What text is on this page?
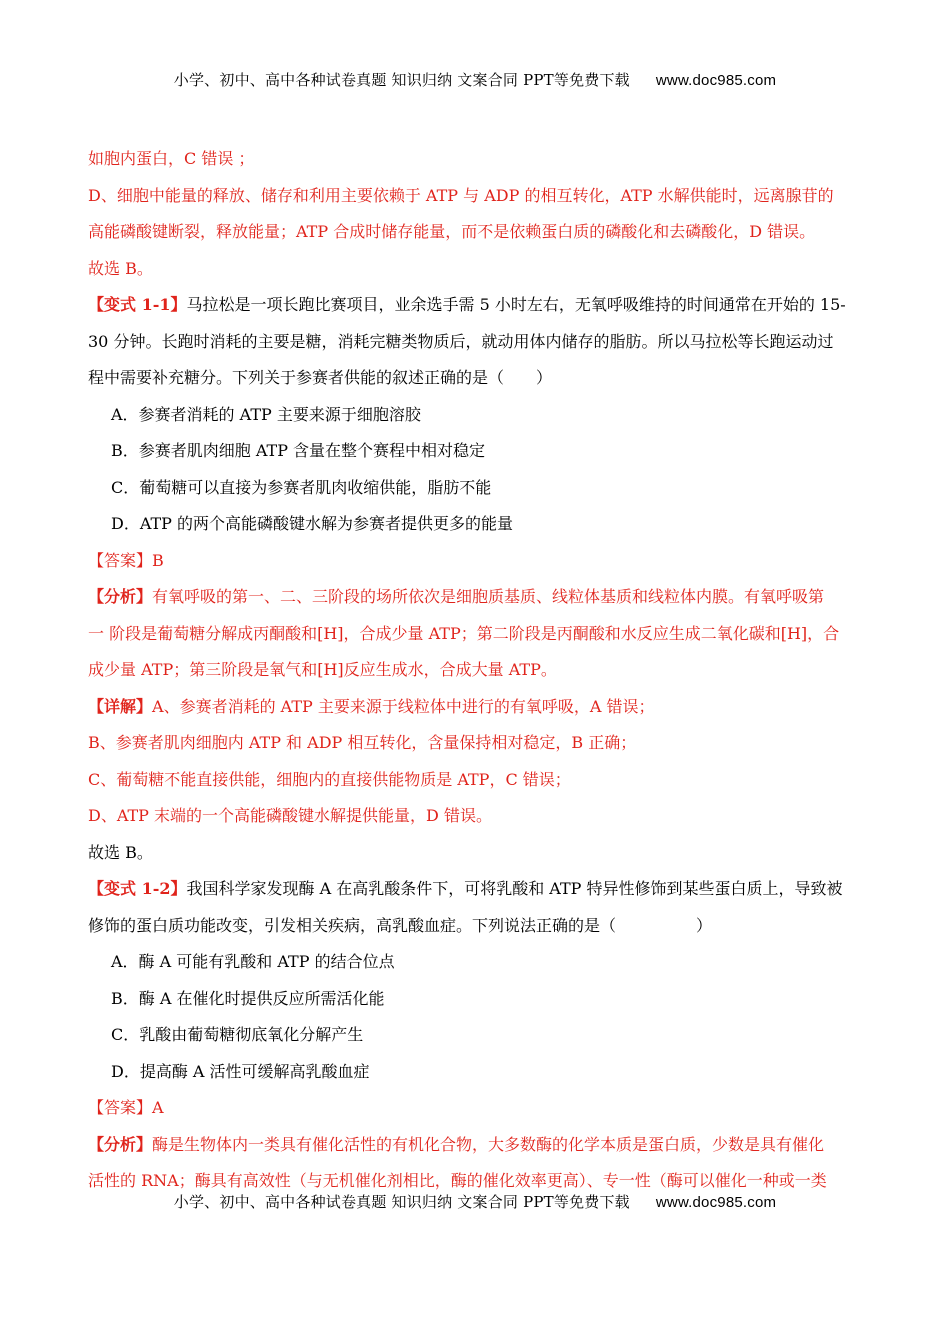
小学、初中、高中各种试卷真题 知识归纳 文案合同 PPT等免费下载 www.doc985.com
如胞内蛋白，C 错误 ；
D、细胞中能量的释放、储存和利用主要依赖于 ATP 与 ADP 的相互转化，ATP 水解供能时，远离腺苷的
高能磷酸键断裂，释放能量；ATP 合成时储存能量，而不是依赖蛋白质的磷酸化和去磷酸化，D 错误。
故选 B。
【变式 1-1】马拉松是一项长跑比赛项目，业余选手需 5 小时左右，无氧呼吸维持的时间通常在开始的 15-
30 分钟。长跑时消耗的主要是糖，消耗完糖类物质后，就动用体内储存的脂肪。所以马拉松等长跑运动过
程中需要补充糖分。下列关于参赛者供能的叙述正确的是（　　）
A．参赛者消耗的 ATP 主要来源于细胞溶胶
B．参赛者肌肉细胞 ATP 含量在整个赛程中相对稳定
C．葡萄糖可以直接为参赛者肌肉收缩供能，脂肪不能
D．ATP 的两个高能磷酸键水解为参赛者提供更多的能量
【答案】B
【分析】有氧呼吸的第一、二、三阶段的场所依次是细胞质基质、线粒体基质和线粒体内膜。有氧呼吸第
一 阶段是葡萄糖分解成丙酮酸和[H]，合成少量 ATP；第二阶段是丙酮酸和水反应生成二氧化碳和[H]，合
成少量 ATP；第三阶段是氧气和[H]反应生成水，合成大量 ATP。
【详解】A、参赛者消耗的 ATP 主要来源于线粒体中进行的有氧呼吸，A 错误；
B、参赛者肌肉细胞内 ATP 和 ADP 相互转化，含量保持相对稳定，B 正确；
C、葡萄糖不能直接供能，细胞内的直接供能物质是 ATP，C 错误；
D、ATP 末端的一个高能磷酸键水解提供能量，D 错误。
故选 B。
【变式 1-2】我国科学家发现酶 A 在高乳酸条件下，可将乳酸和 ATP 特异性修饰到某些蛋白质上，导致被
修饰的蛋白质功能改变，引发相关疾病，高乳酸血症。下列说法正确的是（　　　　　）
A．酶 A 可能有乳酸和 ATP 的结合位点
B．酶 A 在催化时提供反应所需活化能
C．乳酸由葡萄糖彻底氧化分解产生
D．提高酶 A 活性可缓解高乳酸血症
【答案】A
【分析】酶是生物体内一类具有催化活性的有机化合物，大多数酶的化学本质是蛋白质，少数是具有催化
活性的 RNA；酶具有高效性（与无机催化剂相比，酶的催化效率更高）、专一性（酶可以催化一种或一类
小学、初中、高中各种试卷真题 知识归纳 文案合同 PPT等免费下载 www.doc985.com
